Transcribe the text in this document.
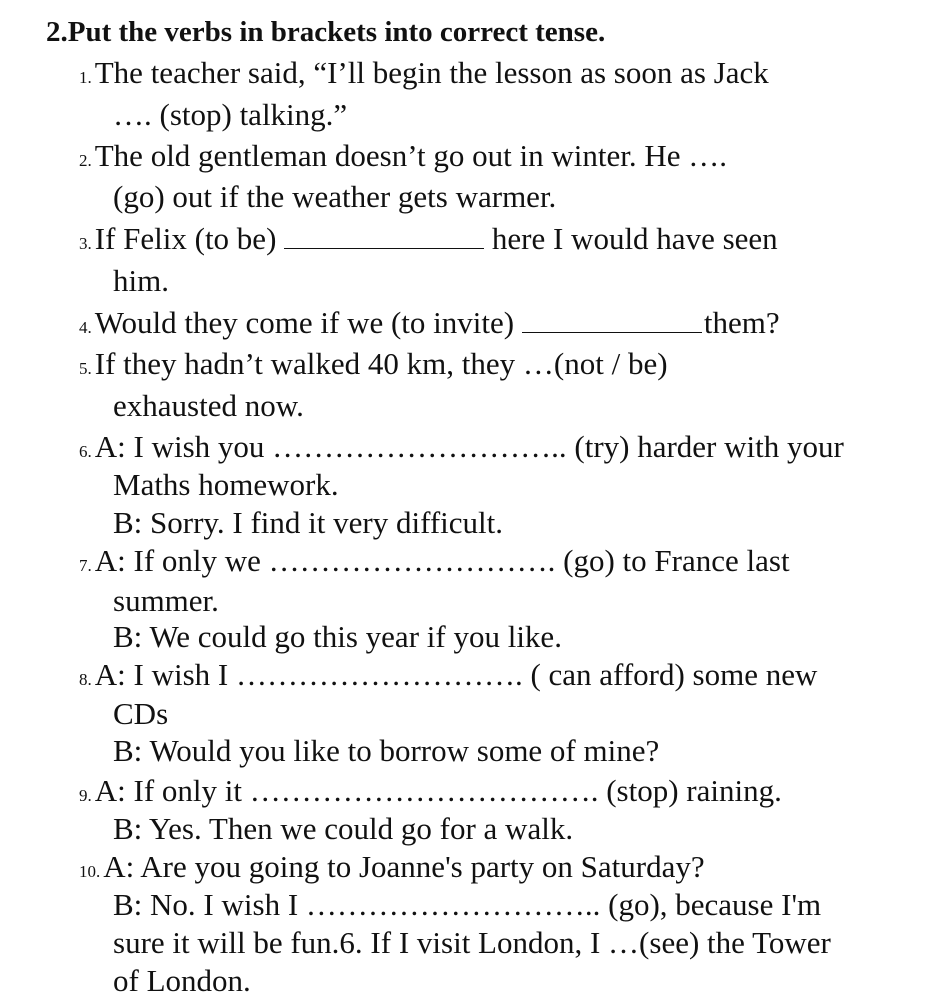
2.Put the verbs in brackets into correct tense.
1.The teacher said, “I’ll begin the lesson as soon as Jack
…. (stop) talking.”
2.The old gentleman doesn’t go out in winter. He ….
(go) out if the weather gets warmer.
3.If Felix (to be)	here I would have seen
him.
4.Would they come if we (to invite)	them?
5.If they hadn’t walked 40 km, they …(not / be)
exhausted now.
6.A: I wish you ……………………….. (try) harder with your
Maths homework.
B: Sorry. I find it very difficult.
7.A: If only we ………………………. (go) to France last
summer.
B: We could go this year if you like.
8.A: I wish I ………………………. ( can afford) some new
CDs
B: Would you like to borrow some of mine?
9.A: If only it ……………………………. (stop) raining.
B: Yes. Then we could go for a walk.
10.A: Are you going to Joanne's party on Saturday?
B: No. I wish I ……………………….. (go), because I'm
sure it will be fun.6. If I visit London, I …(see) the Tower
of London.
